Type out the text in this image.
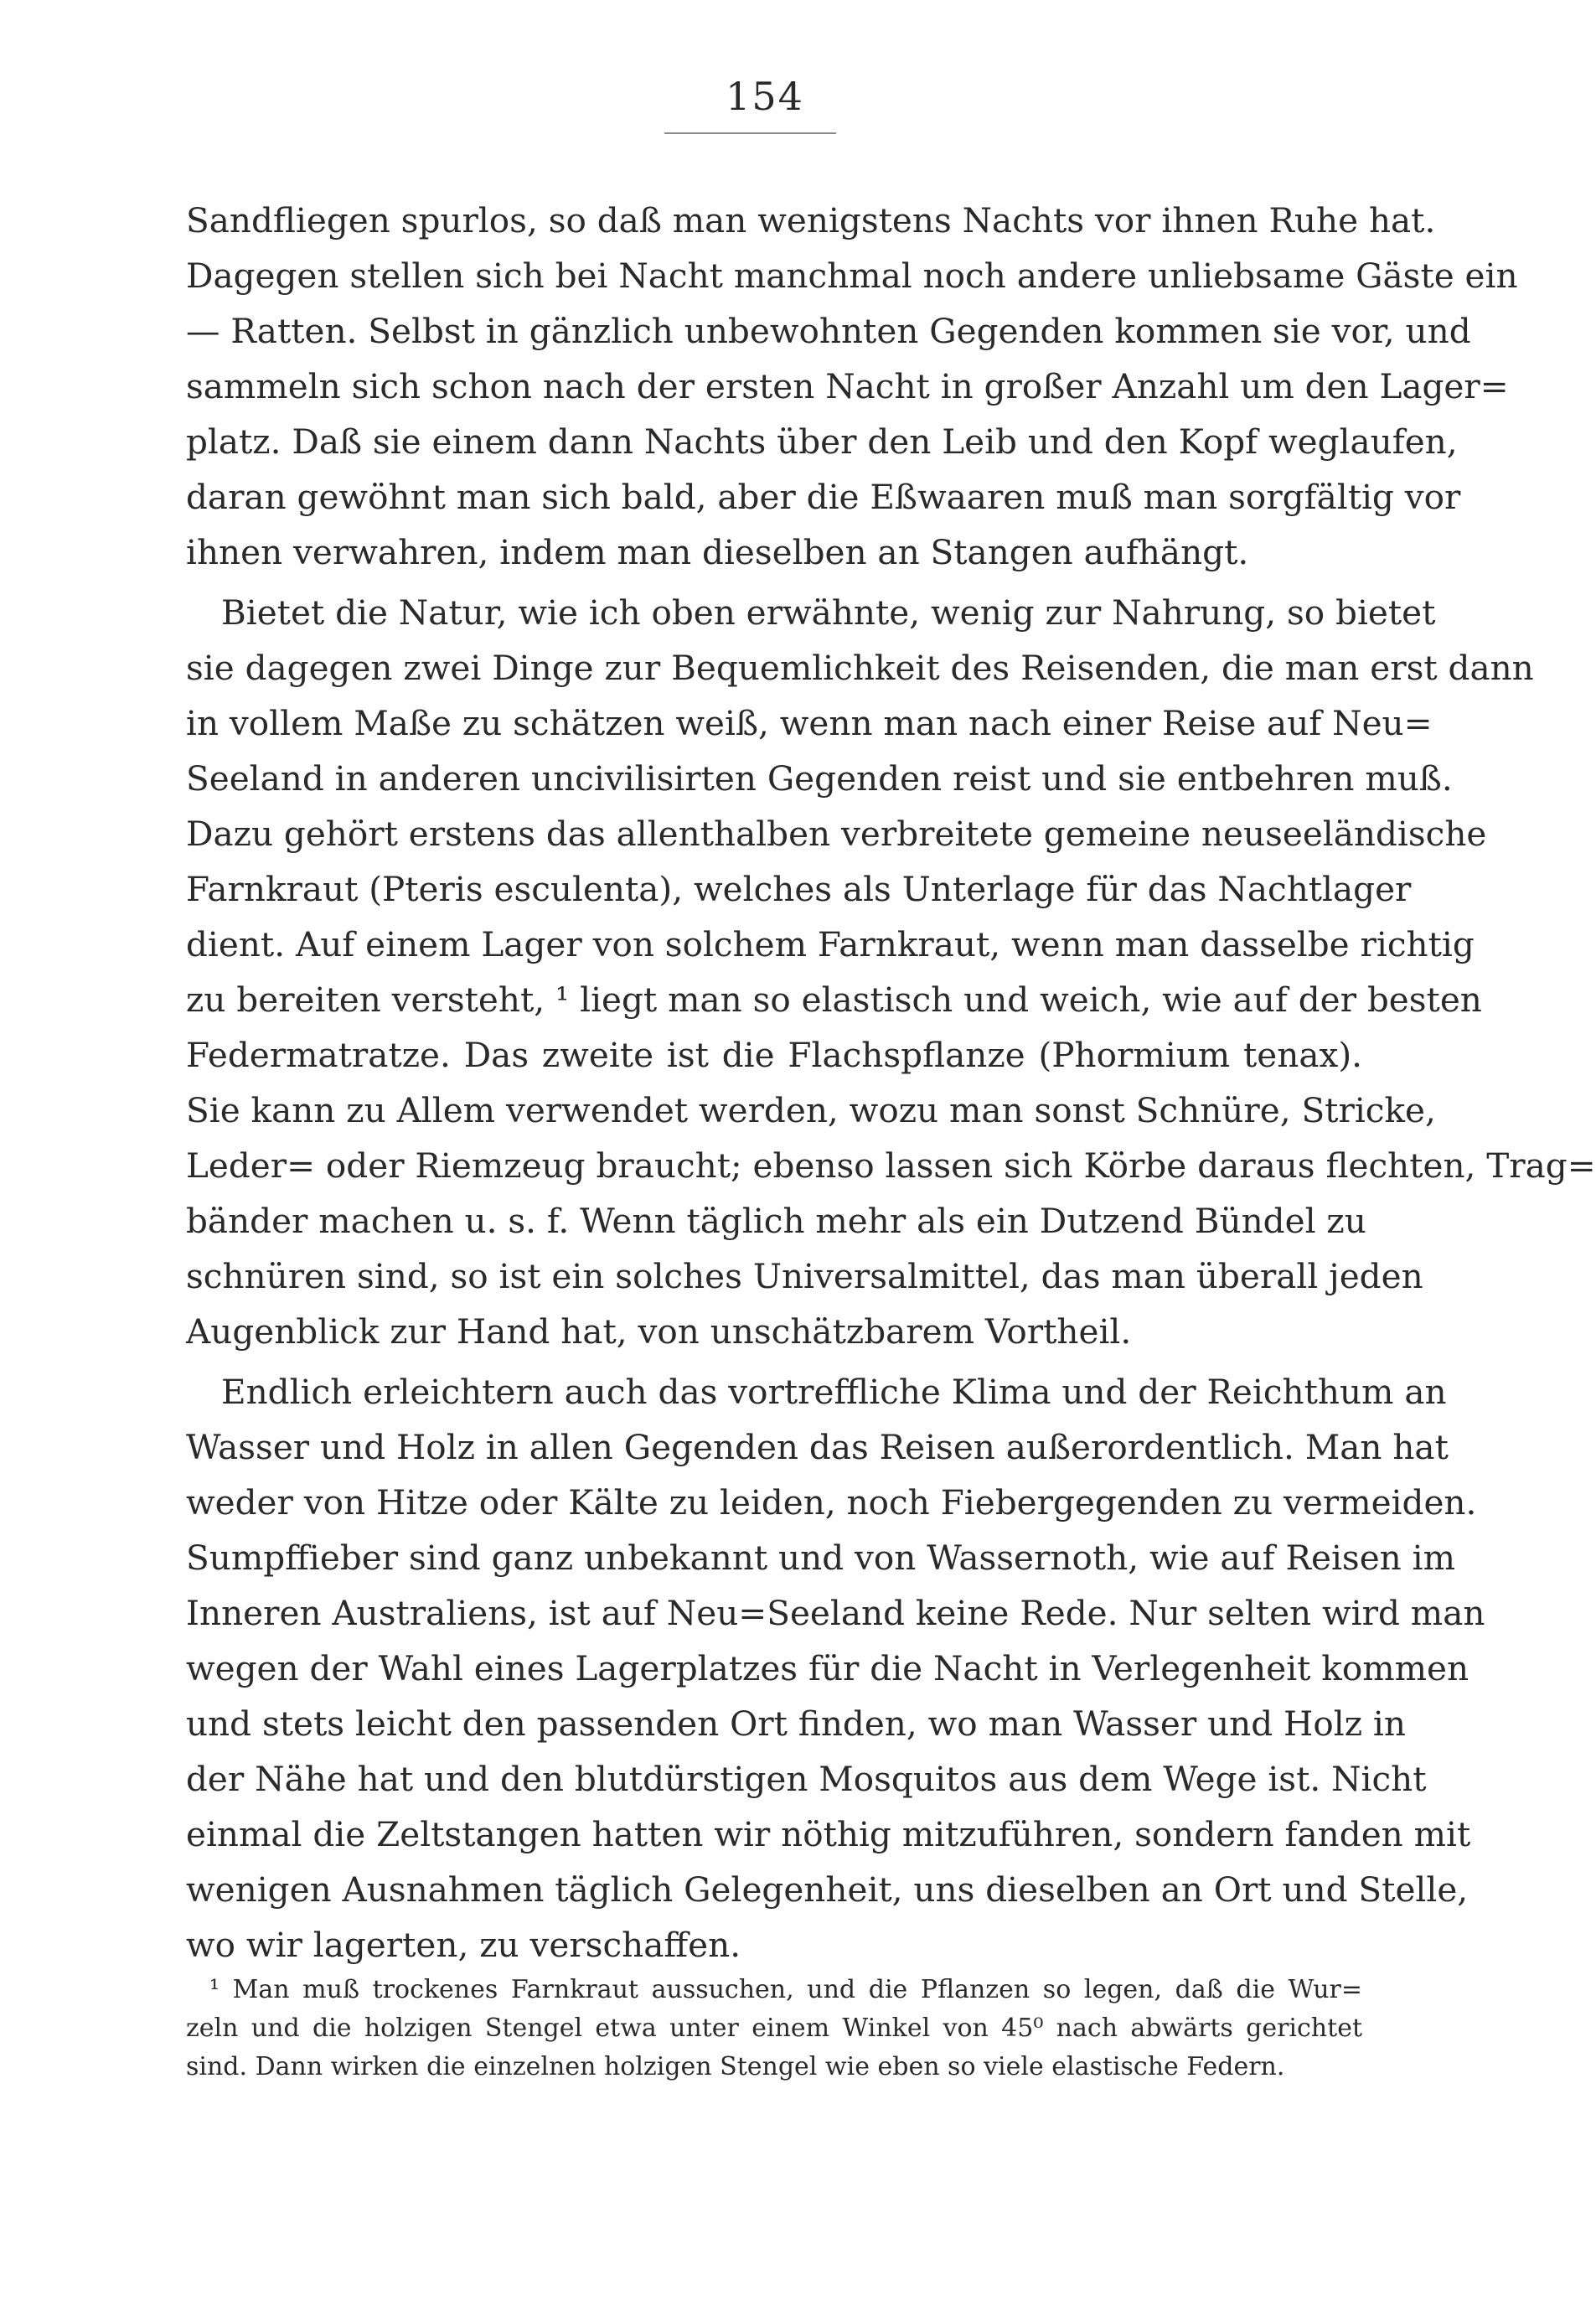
154
Sandfliegen spurlos, so daß man wenigstens Nachts vor ihnen Ruhe hat.
Dagegen stellen sich bei Nacht manchmal noch andere unliebsame Gäste ein
— Ratten. Selbst in gänzlich unbewohnten Gegenden kommen sie vor, und
sammeln sich schon nach der ersten Nacht in großer Anzahl um den Lager=
platz. Daß sie einem dann Nachts über den Leib und den Kopf weglaufen,
daran gewöhnt man sich bald, aber die Eßwaaren muß man sorgfältig vor
ihnen verwahren, indem man dieselben an Stangen aufhängt.
Bietet die Natur, wie ich oben erwähnte, wenig zur Nahrung, so bietet
sie dagegen zwei Dinge zur Bequemlichkeit des Reisenden, die man erst dann
in vollem Maße zu schätzen weiß, wenn man nach einer Reise auf Neu=
Seeland in anderen uncivilisirten Gegenden reist und sie entbehren muß.
Dazu gehört erstens das allenthalben verbreitete gemeine neuseeländische
Farnkraut (Pteris esculenta), welches als Unterlage für das Nachtlager
dient. Auf einem Lager von solchem Farnkraut, wenn man dasselbe richtig
zu bereiten versteht, ¹ liegt man so elastisch und weich, wie auf der besten
Federmatratze. Das zweite ist die Flachspflanze (Phormium tenax).
Sie kann zu Allem verwendet werden, wozu man sonst Schnüre, Stricke,
Leder= oder Riemzeug braucht; ebenso lassen sich Körbe daraus flechten, Trag=
bänder machen u. s. f. Wenn täglich mehr als ein Dutzend Bündel zu
schnüren sind, so ist ein solches Universalmittel, das man überall jeden
Augenblick zur Hand hat, von unschätzbarem Vortheil.
Endlich erleichtern auch das vortreffliche Klima und der Reichthum an
Wasser und Holz in allen Gegenden das Reisen außerordentlich. Man hat
weder von Hitze oder Kälte zu leiden, noch Fiebergegenden zu vermeiden.
Sumpffieber sind ganz unbekannt und von Wassernoth, wie auf Reisen im
Inneren Australiens, ist auf Neu=Seeland keine Rede. Nur selten wird man
wegen der Wahl eines Lagerplatzes für die Nacht in Verlegenheit kommen
und stets leicht den passenden Ort finden, wo man Wasser und Holz in
der Nähe hat und den blutdürstigen Mosquitos aus dem Wege ist. Nicht
einmal die Zeltstangen hatten wir nöthig mitzuführen, sondern fanden mit
wenigen Ausnahmen täglich Gelegenheit, uns dieselben an Ort und Stelle,
wo wir lagerten, zu verschaffen.
¹ Man muß trockenes Farnkraut aussuchen, und die Pflanzen so legen, daß die Wur=
zeln und die holzigen Stengel etwa unter einem Winkel von 45⁰ nach abwärts gerichtet
sind. Dann wirken die einzelnen holzigen Stengel wie eben so viele elastische Federn.
